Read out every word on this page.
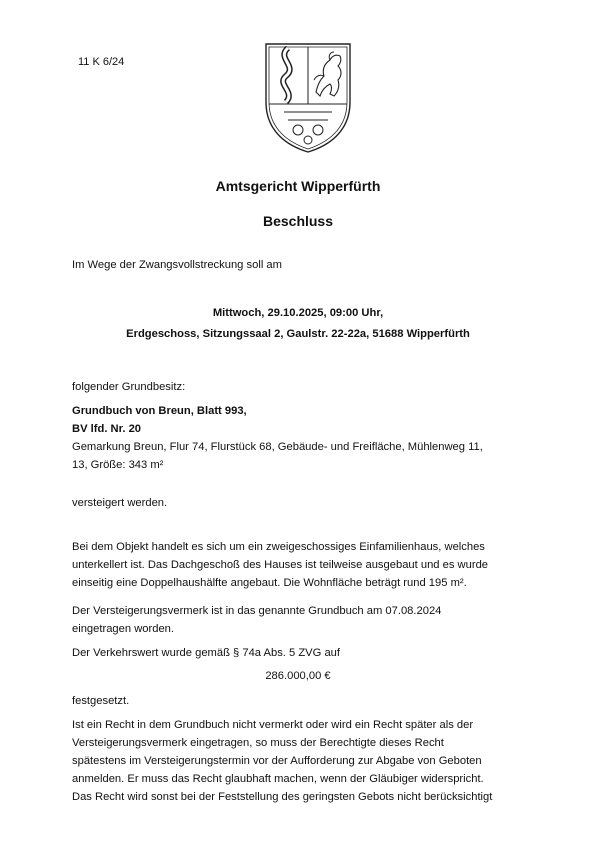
11 K 6/24
Amtsgericht Wipperfürth
Beschluss
Im Wege der Zwangsvollstreckung soll am
Mittwoch, 29.10.2025, 09:00 Uhr,
Erdgeschoss, Sitzungssaal 2, Gaulstr. 22-22a, 51688 Wipperfürth
folgender Grundbesitz:
Grundbuch von Breun, Blatt 993,
BV lfd. Nr. 20
Gemarkung Breun, Flur 74, Flurstück 68, Gebäude- und Freifläche, Mühlenweg 11,
13, Größe: 343 m²
versteigert werden.
Bei dem Objekt handelt es sich um ein zweigeschossiges Einfamilienhaus, welches
unterkellert ist. Das Dachgeschoß des Hauses ist teilweise ausgebaut und es wurde
einseitig eine Doppelhaushälfte angebaut. Die Wohnfläche beträgt rund 195 m².
Der Versteigerungsvermerk ist in das genannte Grundbuch am 07.08.2024
eingetragen worden.
Der Verkehrswert wurde gemäß § 74a Abs. 5 ZVG auf
286.000,00 €
festgesetzt.
Ist ein Recht in dem Grundbuch nicht vermerkt oder wird ein Recht später als der
Versteigerungsvermerk eingetragen, so muss der Berechtigte dieses Recht
spätestens im Versteigerungstermin vor der Aufforderung zur Abgabe von Geboten
anmelden. Er muss das Recht glaubhaft machen, wenn der Gläubiger widerspricht.
Das Recht wird sonst bei der Feststellung des geringsten Gebots nicht berücksichtigt
